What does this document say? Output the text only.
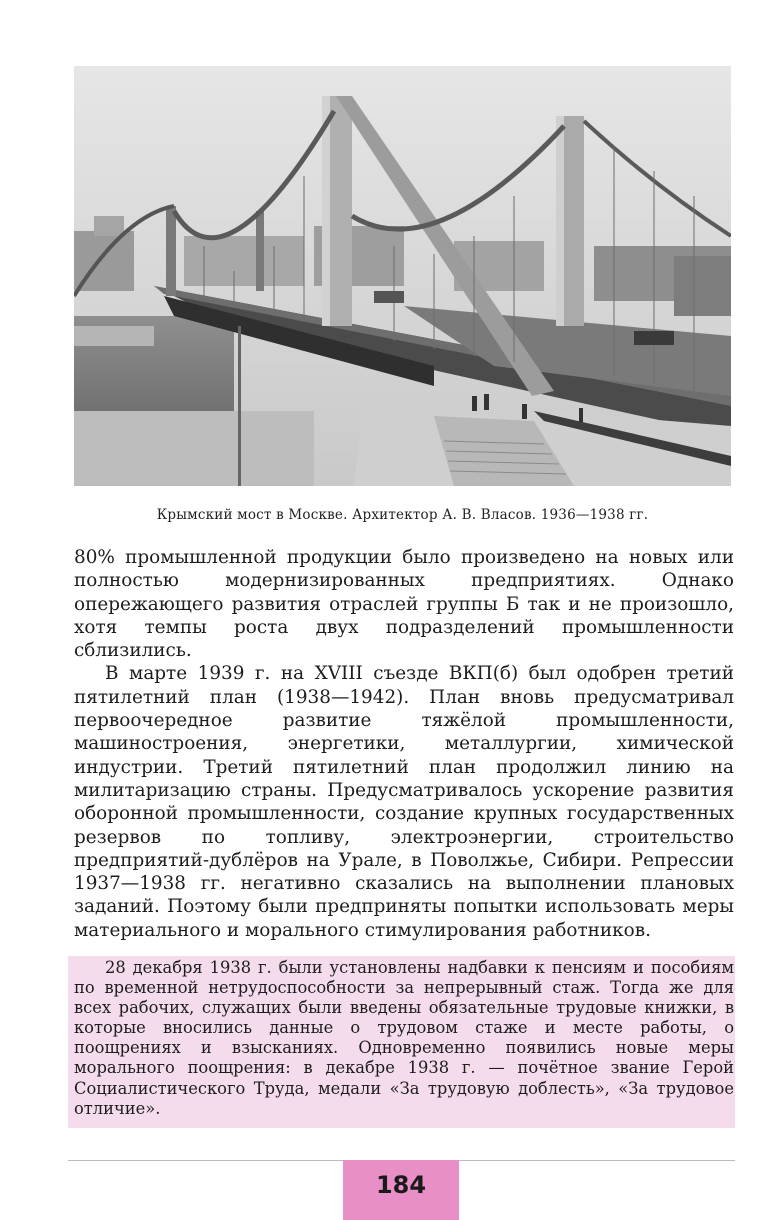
Крымский мост в Москве. Архитектор А. В. Власов. 1936—1938 гг.

80% промышленной продукции было произведено на новых или полностью модернизированных предприятиях. Однако опережающего развития отраслей группы Б так и не произошло, хотя темпы роста двух подразделений промышленности сблизились.

В марте 1939 г. на XVIII съезде ВКП(б) был одобрен третий пятилетний план (1938—1942). План вновь предусматривал первоочередное развитие тяжёлой промышленности, машиностроения, энергетики, металлургии, химической индустрии. Третий пятилетний план продолжил линию на милитаризацию страны. Предусматривалось ускорение развития оборонной промышленности, создание крупных государственных резервов по топливу, электроэнергии, строительство предприятий-дублёров на Урале, в Поволжье, Сибири. Репрессии 1937—1938 гг. негативно сказались на выполнении плановых заданий. Поэтому были предприняты попытки использовать меры материального и морального стимулирования работников.

28 декабря 1938 г. были установлены надбавки к пенсиям и пособиям по временной нетрудоспособности за непрерывный стаж. Тогда же для всех рабочих, служащих были введены обязательные трудовые книжки, в которые вносились данные о трудовом стаже и месте работы, о поощрениях и взысканиях. Одновременно появились новые меры морального поощрения: в декабре 1938 г. — почётное звание Герой Социалистического Труда, медали «За трудовую доблесть», «За трудовое отличие».
184
